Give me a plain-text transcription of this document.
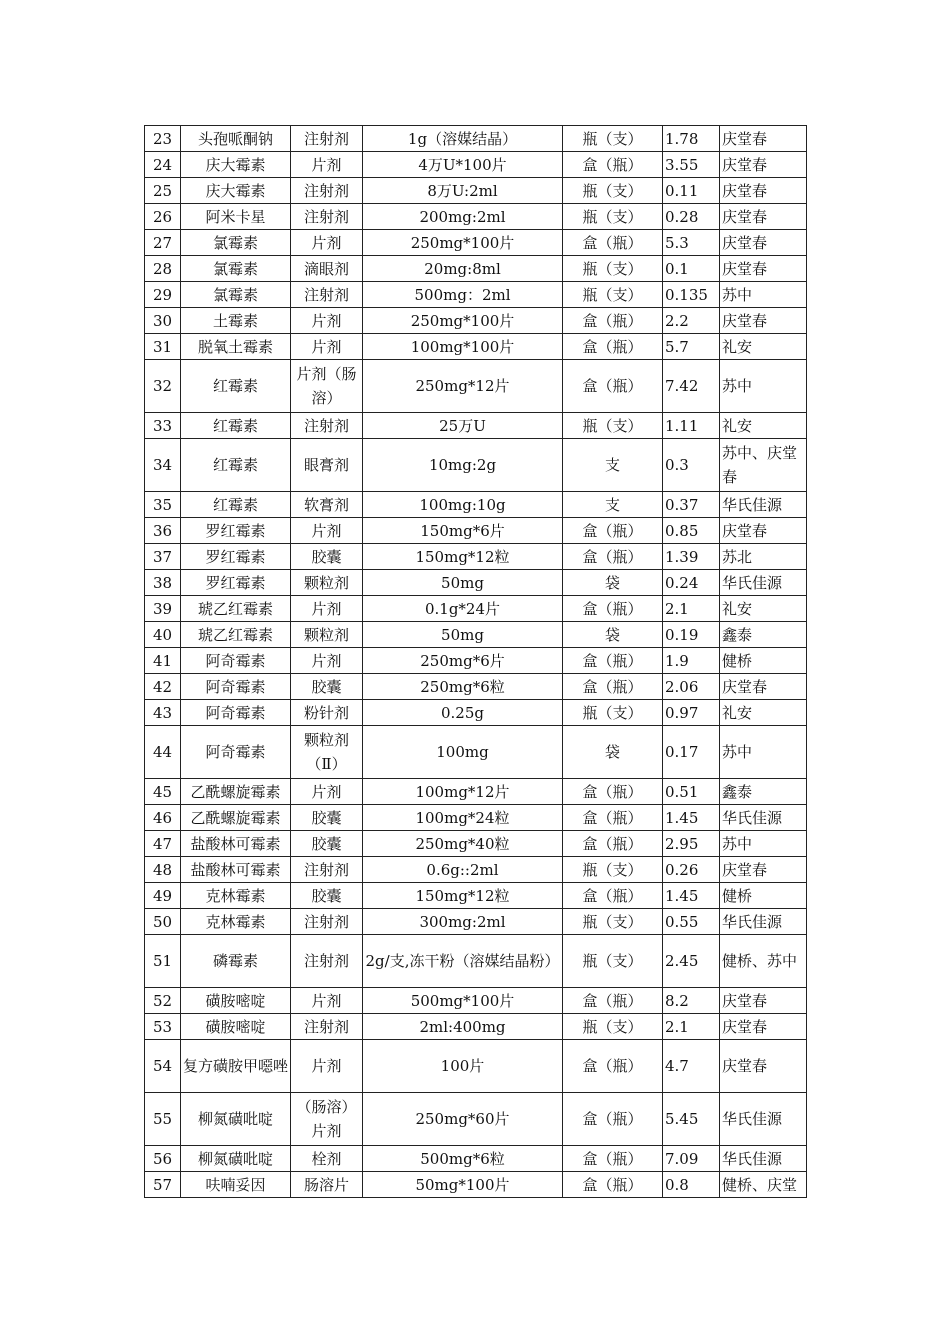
23	头孢哌酮钠	注射剂	1g（溶媒结晶）	瓶（支）	1.78	庆堂春
24	庆大霉素	片剂	4万U*100片	盒（瓶）	3.55	庆堂春
25	庆大霉素	注射剂	8万U:2ml	瓶（支）	0.11	庆堂春
26	阿米卡星	注射剂	200mg:2ml	瓶（支）	0.28	庆堂春
27	氯霉素	片剂	250mg*100片	盒（瓶）	5.3	庆堂春
28	氯霉素	滴眼剂	20mg:8ml	瓶（支）	0.1	庆堂春
29	氯霉素	注射剂	500mg：2ml	瓶（支）	0.135	苏中
30	土霉素	片剂	250mg*100片	盒（瓶）	2.2	庆堂春
31	脱氧土霉素	片剂	100mg*100片	盒（瓶）	5.7	礼安
32	红霉素	片剂（肠溶）	250mg*12片	盒（瓶）	7.42	苏中
33	红霉素	注射剂	25万U	瓶（支）	1.11	礼安
34	红霉素	眼膏剂	10mg:2g	支	0.3	苏中、庆堂春
35	红霉素	软膏剂	100mg:10g	支	0.37	华氏佳源
36	罗红霉素	片剂	150mg*6片	盒（瓶）	0.85	庆堂春
37	罗红霉素	胶囊	150mg*12粒	盒（瓶）	1.39	苏北
38	罗红霉素	颗粒剂	50mg	袋	0.24	华氏佳源
39	琥乙红霉素	片剂	0.1g*24片	盒（瓶）	2.1	礼安
40	琥乙红霉素	颗粒剂	50mg	袋	0.19	鑫泰
41	阿奇霉素	片剂	250mg*6片	盒（瓶）	1.9	健桥
42	阿奇霉素	胶囊	250mg*6粒	盒（瓶）	2.06	庆堂春
43	阿奇霉素	粉针剂	0.25g	瓶（支）	0.97	礼安
44	阿奇霉素	颗粒剂（Ⅱ）	100mg	袋	0.17	苏中
45	乙酰螺旋霉素	片剂	100mg*12片	盒（瓶）	0.51	鑫泰
46	乙酰螺旋霉素	胶囊	100mg*24粒	盒（瓶）	1.45	华氏佳源
47	盐酸林可霉素	胶囊	250mg*40粒	盒（瓶）	2.95	苏中
48	盐酸林可霉素	注射剂	0.6g::2ml	瓶（支）	0.26	庆堂春
49	克林霉素	胶囊	150mg*12粒	盒（瓶）	1.45	健桥
50	克林霉素	注射剂	300mg:2ml	瓶（支）	0.55	华氏佳源
51	磷霉素	注射剂	2g/支,冻干粉（溶媒结晶粉）	瓶（支）	2.45	健桥、苏中
52	磺胺嘧啶	片剂	500mg*100片	盒（瓶）	8.2	庆堂春
53	磺胺嘧啶	注射剂	2ml:400mg	瓶（支）	2.1	庆堂春
54	复方磺胺甲噁唑	片剂	100片	盒（瓶）	4.7	庆堂春
55	柳氮磺吡啶	（肠溶）片剂	250mg*60片	盒（瓶）	5.45	华氏佳源
56	柳氮磺吡啶	栓剂	500mg*6粒	盒（瓶）	7.09	华氏佳源
57	呋喃妥因	肠溶片	50mg*100片	盒（瓶）	0.8	健桥、庆堂
